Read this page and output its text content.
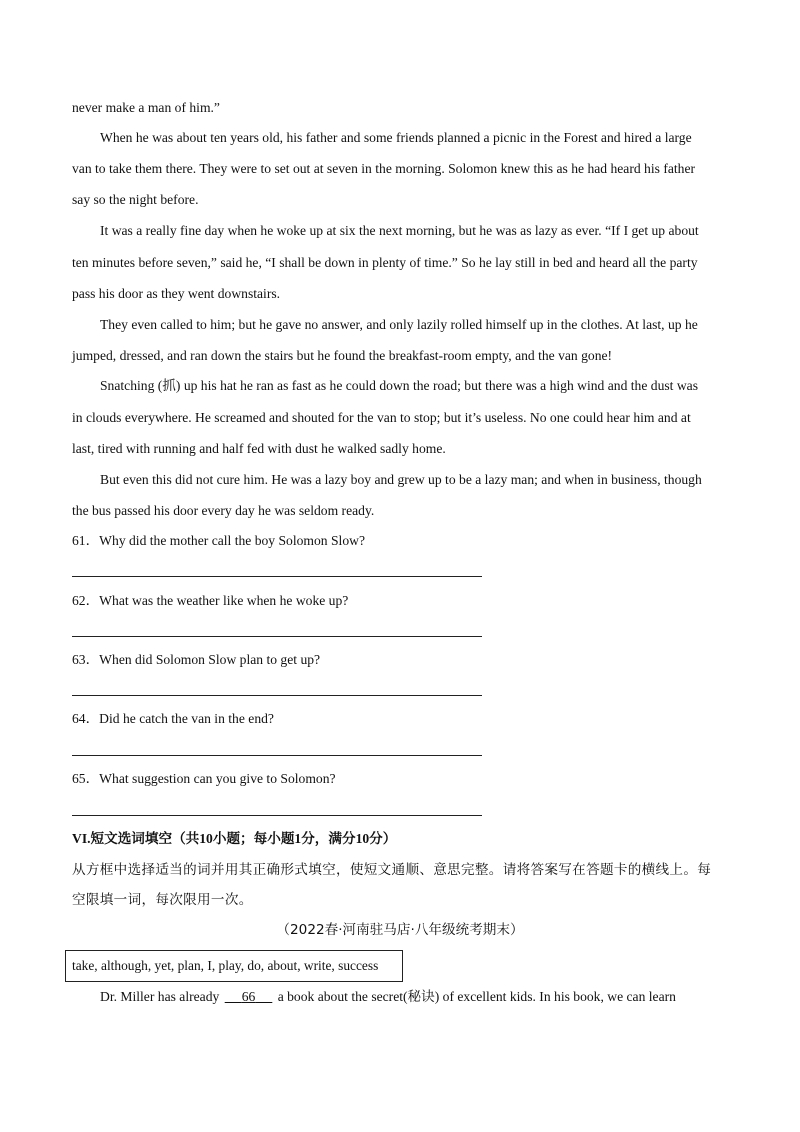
never make a man of him.”
When he was about ten years old, his father and some friends planned a picnic in the Forest and hired a large
van to take them there. They were to set out at seven in the morning. Solomon knew this as he had heard his father
say so the night before.
It was a really fine day when he woke up at six the next morning, but he was as lazy as ever. “If I get up about
ten minutes before seven,” said he, “I shall be down in plenty of time.” So he lay still in bed and heard all the party
pass his door as they went downstairs.
They even called to him; but he gave no answer, and only lazily rolled himself up in the clothes. At last, up he
jumped, dressed, and ran down the stairs but he found the breakfast-room empty, and the van gone!
Snatching (抓) up his hat he ran as fast as he could down the road; but there was a high wind and the dust was
in clouds everywhere. He screamed and shouted for the van to stop; but it’s useless. No one could hear him and at
last, tired with running and half fed with dust he walked sadly home.
But even this did not cure him. He was a lazy boy and grew up to be a lazy man; and when in business, though
the bus passed his door every day he was seldom ready.
61．Why did the mother call the boy Solomon Slow?
62．What was the weather like when he woke up?
63．When did Solomon Slow plan to get up?
64．Did he catch the van in the end?
65．What suggestion can you give to Solomon?
VI.短文选词填空（共10小题；每小题1分，满分10分）
从方框中选择适当的词并用其正确形式填空，使短文通顺、意思完整。请将答案写在答题卡的横线上。每
空限填一词，每次限用一次。
（2022春·河南驻马店·八年级统考期末）
take, although, yet, plan, I, play, do, about, write, success
Dr. Miller has already 66 a book about the secret(秘诀) of excellent kids. In his book, we can learn
